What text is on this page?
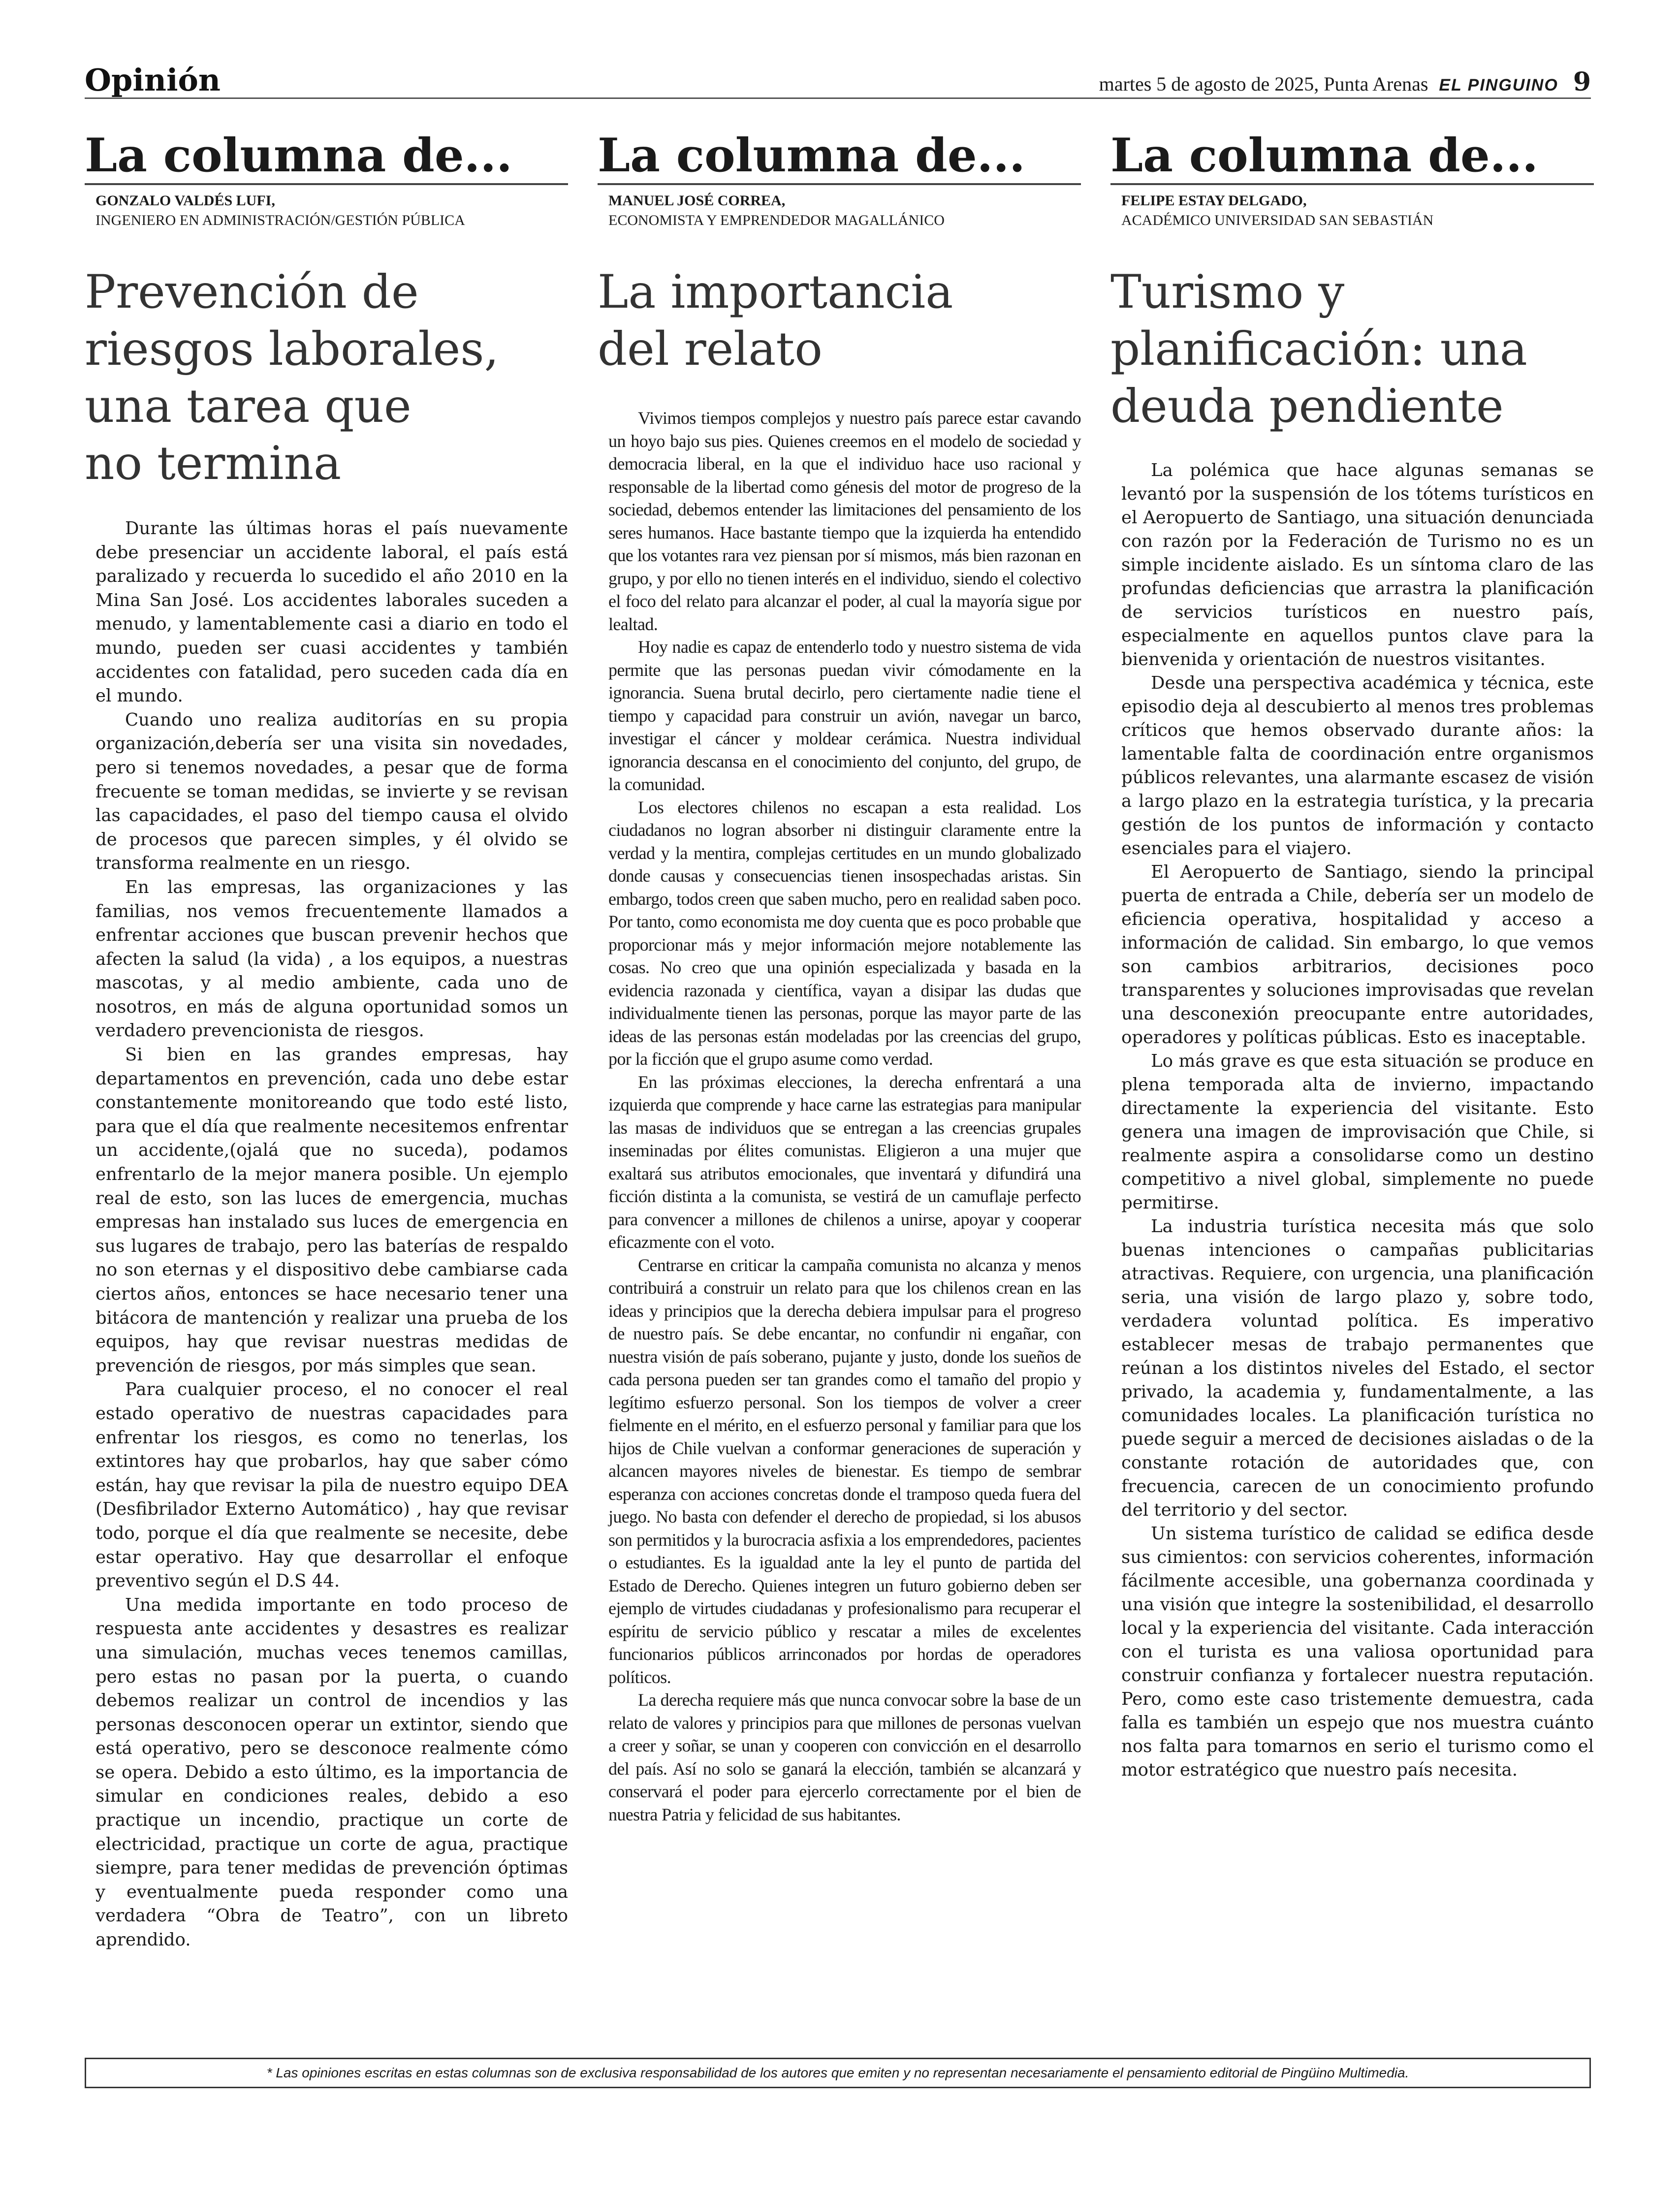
Opinión	martes 5 de agosto de 2025, Punta Arenas EL PINGUINO 9
La columna de...
GONZALO VALDÉS LUFI,
INGENIERO EN ADMINISTRACIÓN/GESTIÓN PÚBLICA
Prevención de
riesgos laborales,
una tarea que
no termina

Durante las últimas horas el país nuevamente debe presenciar un accidente laboral, el país está paralizado y recuerda lo sucedido el año 2010 en la Mina San José. Los accidentes laborales suceden a menudo, y lamentablemente casi a diario en todo el mundo, pueden ser cuasi accidentes y también accidentes con fatalidad, pero suceden cada día en el mundo.

Cuando uno realiza auditorías en su propia organización,debería ser una visita sin novedades, pero si tenemos novedades, a pesar que de forma frecuente se toman medidas, se invierte y se revisan las capacidades, el paso del tiempo causa el olvido de procesos que parecen simples, y él olvido se transforma realmente en un riesgo.

En las empresas, las organizaciones y las familias, nos vemos frecuentemente llamados a enfrentar acciones que buscan prevenir hechos que afecten la salud (la vida) , a los equipos, a nuestras mascotas, y al medio ambiente, cada uno de nosotros, en más de alguna oportunidad somos un verdadero prevencionista de riesgos.

Si bien en las grandes empresas, hay departamentos en prevención, cada uno debe estar constantemente monitoreando que todo esté listo, para que el día que realmente necesitemos enfrentar un accidente,(ojalá que no suceda), podamos enfrentarlo de la mejor manera posible. Un ejemplo real de esto, son las luces de emergencia, muchas empresas han instalado sus luces de emergencia en sus lugares de trabajo, pero las baterías de respaldo no son eternas y el dispositivo debe cambiarse cada ciertos años, entonces se hace necesario tener una bitácora de mantención y realizar una prueba de los equipos, hay que revisar nuestras medidas de prevención de riesgos, por más simples que sean.

Para cualquier proceso, el no conocer el real estado operativo de nuestras capacidades para enfrentar los riesgos, es como no tenerlas, los extintores hay que probarlos, hay que saber cómo están, hay que revisar la pila de nuestro equipo DEA (Desfibrilador Externo Automático) , hay que revisar todo, porque el día que realmente se necesite, debe estar operativo. Hay que desarrollar el enfoque preventivo según el D.S 44.

Una medida importante en todo proceso de respuesta ante accidentes y desastres es realizar una simulación, muchas veces tenemos camillas, pero estas no pasan por la puerta, o cuando debemos realizar un control de incendios y las personas desconocen operar un extintor, siendo que está operativo, pero se desconoce realmente cómo se opera. Debido a esto último, es la importancia de simular en condiciones reales, debido a eso practique un incendio, practique un corte de electricidad, practique un corte de agua, practique siempre, para tener medidas de prevención óptimas y eventualmente pueda responder como una verdadera “Obra de Teatro”, con un libreto aprendido.

La columna de...
MANUEL JOSÉ CORREA,
ECONOMISTA Y EMPRENDEDOR MAGALLÁNICO
La importancia
del relato

Vivimos tiempos complejos y nuestro país parece estar cavando un hoyo bajo sus pies. Quienes creemos en el modelo de sociedad y democracia liberal, en la que el individuo hace uso racional y responsable de la libertad como génesis del motor de progreso de la sociedad, debemos entender las limitaciones del pensamiento de los seres humanos. Hace bastante tiempo que la izquierda ha entendido que los votantes rara vez piensan por sí mismos, más bien razonan en grupo, y por ello no tienen interés en el individuo, siendo el colectivo el foco del relato para alcanzar el poder, al cual la mayoría sigue por lealtad.

Hoy nadie es capaz de entenderlo todo y nuestro sistema de vida permite que las personas puedan vivir cómodamente en la ignorancia. Suena brutal decirlo, pero ciertamente nadie tiene el tiempo y capacidad para construir un avión, navegar un barco, investigar el cáncer y moldear cerámica. Nuestra individual ignorancia descansa en el conocimiento del conjunto, del grupo, de la comunidad.

Los electores chilenos no escapan a esta realidad. Los ciudadanos no logran absorber ni distinguir claramente entre la verdad y la mentira, complejas certitudes en un mundo globalizado donde causas y consecuencias tienen insospechadas aristas. Sin embargo, todos creen que saben mucho, pero en realidad saben poco. Por tanto, como economista me doy cuenta que es poco probable que proporcionar más y mejor información mejore notablemente las cosas. No creo que una opinión especializada y basada en la evidencia razonada y científica, vayan a disipar las dudas que individualmente tienen las personas, porque las mayor parte de las ideas de las personas están modeladas por las creencias del grupo, por la ficción que el grupo asume como verdad.

En las próximas elecciones, la derecha enfrentará a una izquierda que comprende y hace carne las estrategias para manipular las masas de individuos que se entregan a las creencias grupales inseminadas por élites comunistas. Eligieron a una mujer que exaltará sus atributos emocionales, que inventará y difundirá una ficción distinta a la comunista, se vestirá de un camuflaje perfecto para convencer a millones de chilenos a unirse, apoyar y cooperar eficazmente con el voto.

Centrarse en criticar la campaña comunista no alcanza y menos contribuirá a construir un relato para que los chilenos crean en las ideas y principios que la derecha debiera impulsar para el progreso de nuestro país. Se debe encantar, no confundir ni engañar, con nuestra visión de país soberano, pujante y justo, donde los sueños de cada persona pueden ser tan grandes como el tamaño del propio y legítimo esfuerzo personal. Son los tiempos de volver a creer fielmente en el mérito, en el esfuerzo personal y familiar para que los hijos de Chile vuelvan a conformar generaciones de superación y alcancen mayores niveles de bienestar. Es tiempo de sembrar esperanza con acciones concretas donde el tramposo queda fuera del juego. No basta con defender el derecho de propiedad, si los abusos son permitidos y la burocracia asfixia a los emprendedores, pacientes o estudiantes. Es la igualdad ante la ley el punto de partida del Estado de Derecho. Quienes integren un futuro gobierno deben ser ejemplo de virtudes ciudadanas y profesionalismo para recuperar el espíritu de servicio público y rescatar a miles de excelentes funcionarios públicos arrinconados por hordas de operadores políticos.

La derecha requiere más que nunca convocar sobre la base de un relato de valores y principios para que millones de personas vuelvan a creer y soñar, se unan y cooperen con convicción en el desarrollo del país. Así no solo se ganará la elección, también se alcanzará y conservará el poder para ejercerlo correctamente por el bien de nuestra Patria y felicidad de sus habitantes.

La columna de...
FELIPE ESTAY DELGADO,
ACADÉMICO UNIVERSIDAD SAN SEBASTIÁN
Turismo y
planificación: una
deuda pendiente

La polémica que hace algunas semanas se levantó por la suspensión de los tótems turísticos en el Aeropuerto de Santiago, una situación denunciada con razón por la Federación de Turismo no es un simple incidente aislado. Es un síntoma claro de las profundas deficiencias que arrastra la planificación de servicios turísticos en nuestro país, especialmente en aquellos puntos clave para la bienvenida y orientación de nuestros visitantes.

Desde una perspectiva académica y técnica, este episodio deja al descubierto al menos tres problemas críticos que hemos observado durante años: la lamentable falta de coordinación entre organismos públicos relevantes, una alarmante escasez de visión a largo plazo en la estrategia turística, y la precaria gestión de los puntos de información y contacto esenciales para el viajero.

El Aeropuerto de Santiago, siendo la principal puerta de entrada a Chile, debería ser un modelo de eficiencia operativa, hospitalidad y acceso a información de calidad. Sin embargo, lo que vemos son cambios arbitrarios, decisiones poco transparentes y soluciones improvisadas que revelan una desconexión preocupante entre autoridades, operadores y políticas públicas. Esto es inaceptable.

Lo más grave es que esta situación se produce en plena temporada alta de invierno, impactando directamente la experiencia del visitante. Esto genera una imagen de improvisación que Chile, si realmente aspira a consolidarse como un destino competitivo a nivel global, simplemente no puede permitirse.

La industria turística necesita más que solo buenas intenciones o campañas publicitarias atractivas. Requiere, con urgencia, una planificación seria, una visión de largo plazo y, sobre todo, verdadera voluntad política. Es imperativo establecer mesas de trabajo permanentes que reúnan a los distintos niveles del Estado, el sector privado, la academia y, fundamentalmente, a las comunidades locales. La planificación turística no puede seguir a merced de decisiones aisladas o de la constante rotación de autoridades que, con frecuencia, carecen de un conocimiento profundo del territorio y del sector.

Un sistema turístico de calidad se edifica desde sus cimientos: con servicios coherentes, información fácilmente accesible, una gobernanza coordinada y una visión que integre la sostenibilidad, el desarrollo local y la experiencia del visitante. Cada interacción con el turista es una valiosa oportunidad para construir confianza y fortalecer nuestra reputación. Pero, como este caso tristemente demuestra, cada falla es también un espejo que nos muestra cuánto nos falta para tomarnos en serio el turismo como el motor estratégico que nuestro país necesita.

* Las opiniones escritas en estas columnas son de exclusiva responsabilidad de los autores que emiten y no representan necesariamente el pensamiento editorial de Pingüino Multimedia.
